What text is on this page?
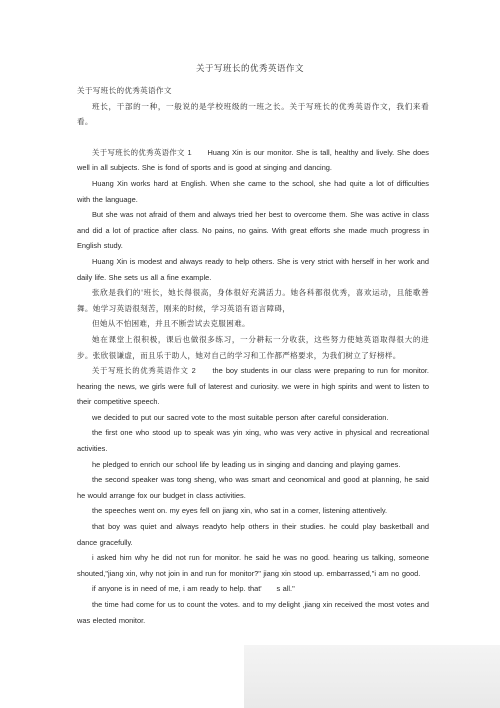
关于写班长的优秀英语作文

关于写班长的优秀英语作文

班长，干部的一种，一般说的是学校班级的一班之长。关于写班长的优秀英语作文，我们来看看。

关于写班长的优秀英语作文 1　　Huang Xin is our monitor. She is tall, healthy and lively. She does well in all subjects. She is fond of sports and is good at singing and dancing.

Huang Xin works hard at English. When she came to the school, she had quite a lot of difficulties with the language.

But she was not afraid of them and always tried her best to overcome them. She was active in class and did a lot of practice after class. No pains, no gains. With great efforts she made much progress in English study.

Huang Xin is modest and always ready to help others. She is very strict with herself in her work and daily life. She sets us all a fine example.

张欣是我们的'班长，她长得很高，身体很好充满活力。她各科都很优秀，喜欢运动，且能歌善舞。她学习英语很刻苦，刚来的时候，学习英语有语言障碍，

但她从不怕困难，并且不断尝试去克服困难。

她在课堂上很积极，课后也做很多练习，一分耕耘一分收获，这些努力使她英语取得很大的进步。张欣很谦虚，而且乐于助人，她对自己的学习和工作都严格要求，为我们树立了好榜样。

关于写班长的优秀英语作文 2　　the boy students in our class were preparing to run for monitor. hearing the news, we girls were full of laterest and curiosity. we were in high spirits and went to listen to their competitive speech.

we decided to put our sacred vote to the most suitable person after careful consideration.

the first one who stood up to speak was yin xing, who was very active in physical and recreational activities.

he pledged to enrich our school life by leading us in singing and dancing and playing games.

the second speaker was tong sheng, who was smart and ceonomical and good at planning, he said he would arrange fox our budget in class activities.

the speeches went on. my eyes fell on jiang xin, who sat in a corner, listening attentively.

that boy was quiet and always readyto help others in their studies. he could play basketball and dance gracefully.

i asked him why he did not run for monitor. he said he was no good. hearing us talking, someone shouted,"jiang xin, why not join in and run for monitor?" jiang xin stood up. embarrassed,"i am no good.

if anyone is in need of me, i am ready to help. that'　　s all."

the time had come for us to count the votes. and to my delight ,jiang xin received the most votes and was elected monitor.
